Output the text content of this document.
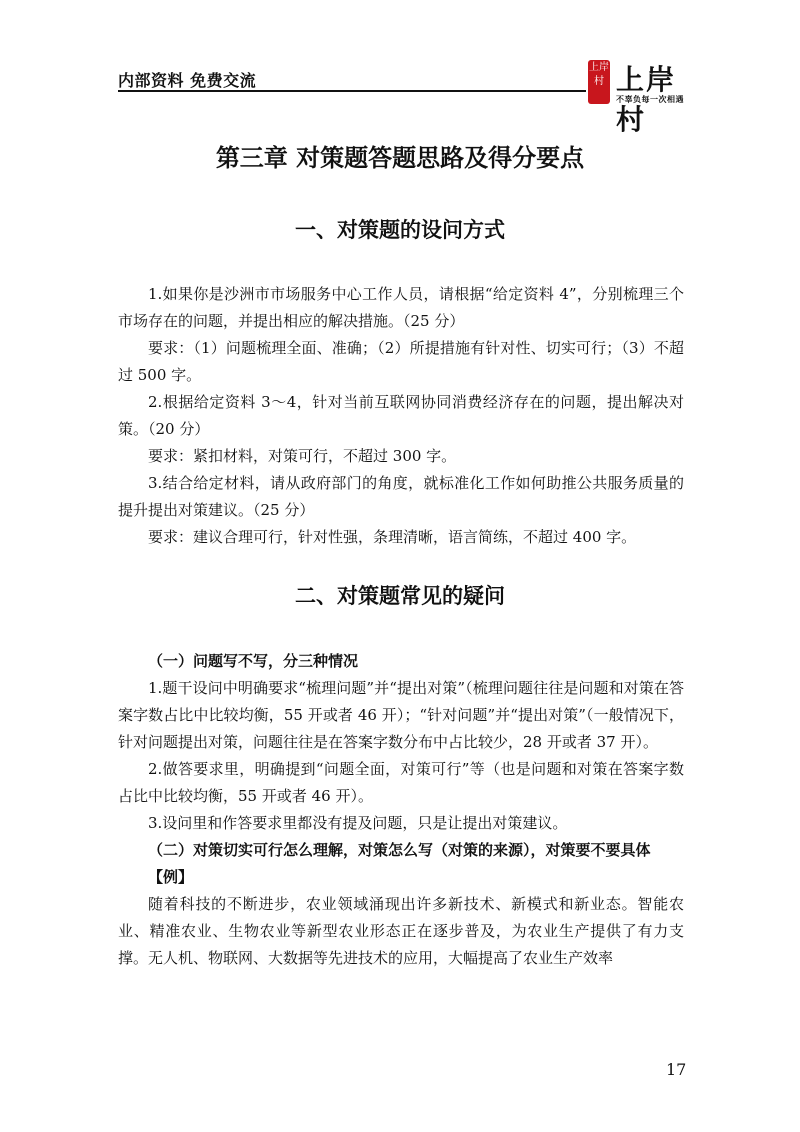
内部资料 免费交流
上岸村 上岸村
不辜负每一次相遇
第三章 对策题答题思路及得分要点
一、对策题的设问方式

1.如果你是沙洲市市场服务中心工作人员，请根据“给定资料 4”，分别梳理三个市场存在的问题，并提出相应的解决措施。（25 分）

要求：（1）问题梳理全面、准确；（2）所提措施有针对性、切实可行；（3）不超过 500 字。

2.根据给定资料 3～4，针对当前互联网协同消费经济存在的问题，提出解决对策。（20 分）

要求：紧扣材料，对策可行，不超过 300 字。

3.结合给定材料，请从政府部门的角度，就标准化工作如何助推公共服务质量的提升提出对策建议。（25 分）

要求：建议合理可行，针对性强，条理清晰，语言简练，不超过 400 字。

二、对策题常见的疑问

（一）问题写不写，分三种情况

1.题干设问中明确要求“梳理问题”并“提出对策”（梳理问题往往是问题和对策在答案字数占比中比较均衡，55 开或者 46 开）；“针对问题”并“提出对策”（一般情况下，针对问题提出对策，问题往往是在答案字数分布中占比较少，28 开或者 37 开）。

2.做答要求里，明确提到“问题全面，对策可行”等（也是问题和对策在答案字数占比中比较均衡，55 开或者 46 开）。

3.设问里和作答要求里都没有提及问题，只是让提出对策建议。

（二）对策切实可行怎么理解，对策怎么写（对策的来源），对策要不要具体

【例】

随着科技的不断进步，农业领域涌现出许多新技术、新模式和新业态。智能农业、精准农业、生物农业等新型农业形态正在逐步普及，为农业生产提供了有力支撑。无人机、物联网、大数据等先进技术的应用，大幅提高了农业生产效率

17
